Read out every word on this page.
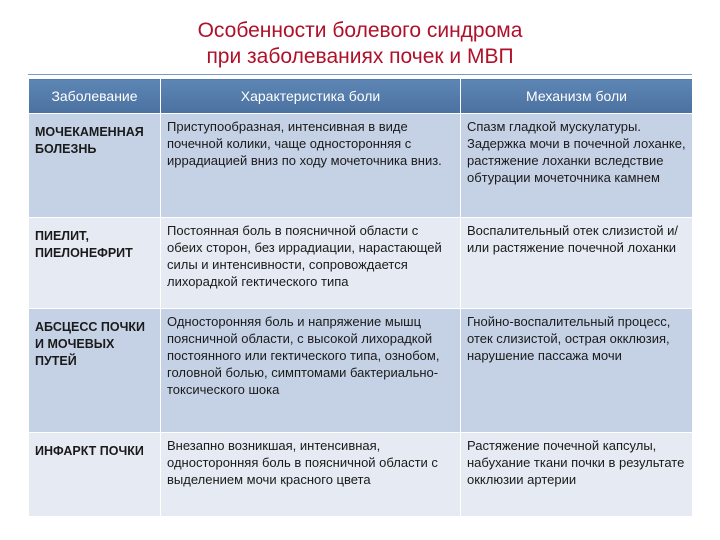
Особенности болевого синдрома
при заболеваниях почек и МВП
Заболевание	Характеристика боли	Механизм боли
МОЧЕКАМЕННАЯ БОЛЕЗНЬ	Приступообразная, интенсивная в виде почечной колики, чаще односторонняя с иррадиацией вниз по ходу мочеточника вниз.	Спазм гладкой мускулатуры. Задержка мочи в почечной лоханке, растяжение лоханки вследствие обтурации мочеточника камнем
ПИЕЛИТ, ПИЕЛОНЕФРИТ	Постоянная боль в поясничной области с обеих сторон, без иррадиации, нарастающей силы и интенсивности, сопровождается лихорадкой гектического типа	Воспалительный отек слизистой и/или растяжение почечной лоханки
АБСЦЕСС ПОЧКИ И МОЧЕВЫХ ПУТЕЙ	Односторонняя боль и напряжение мышц поясничной области, с высокой лихорадкой постоянного или гектического типа, ознобом, головной болью, симптомами бактериально-токсического шока	Гнойно-воспалительный процесс, отек слизистой, острая окклюзия, нарушение пассажа мочи
ИНФАРКТ ПОЧКИ	Внезапно возникшая, интенсивная, односторонняя боль в поясничной области с выделением мочи красного цвета	Растяжение почечной капсулы, набухание ткани почки в результате окклюзии артерии
